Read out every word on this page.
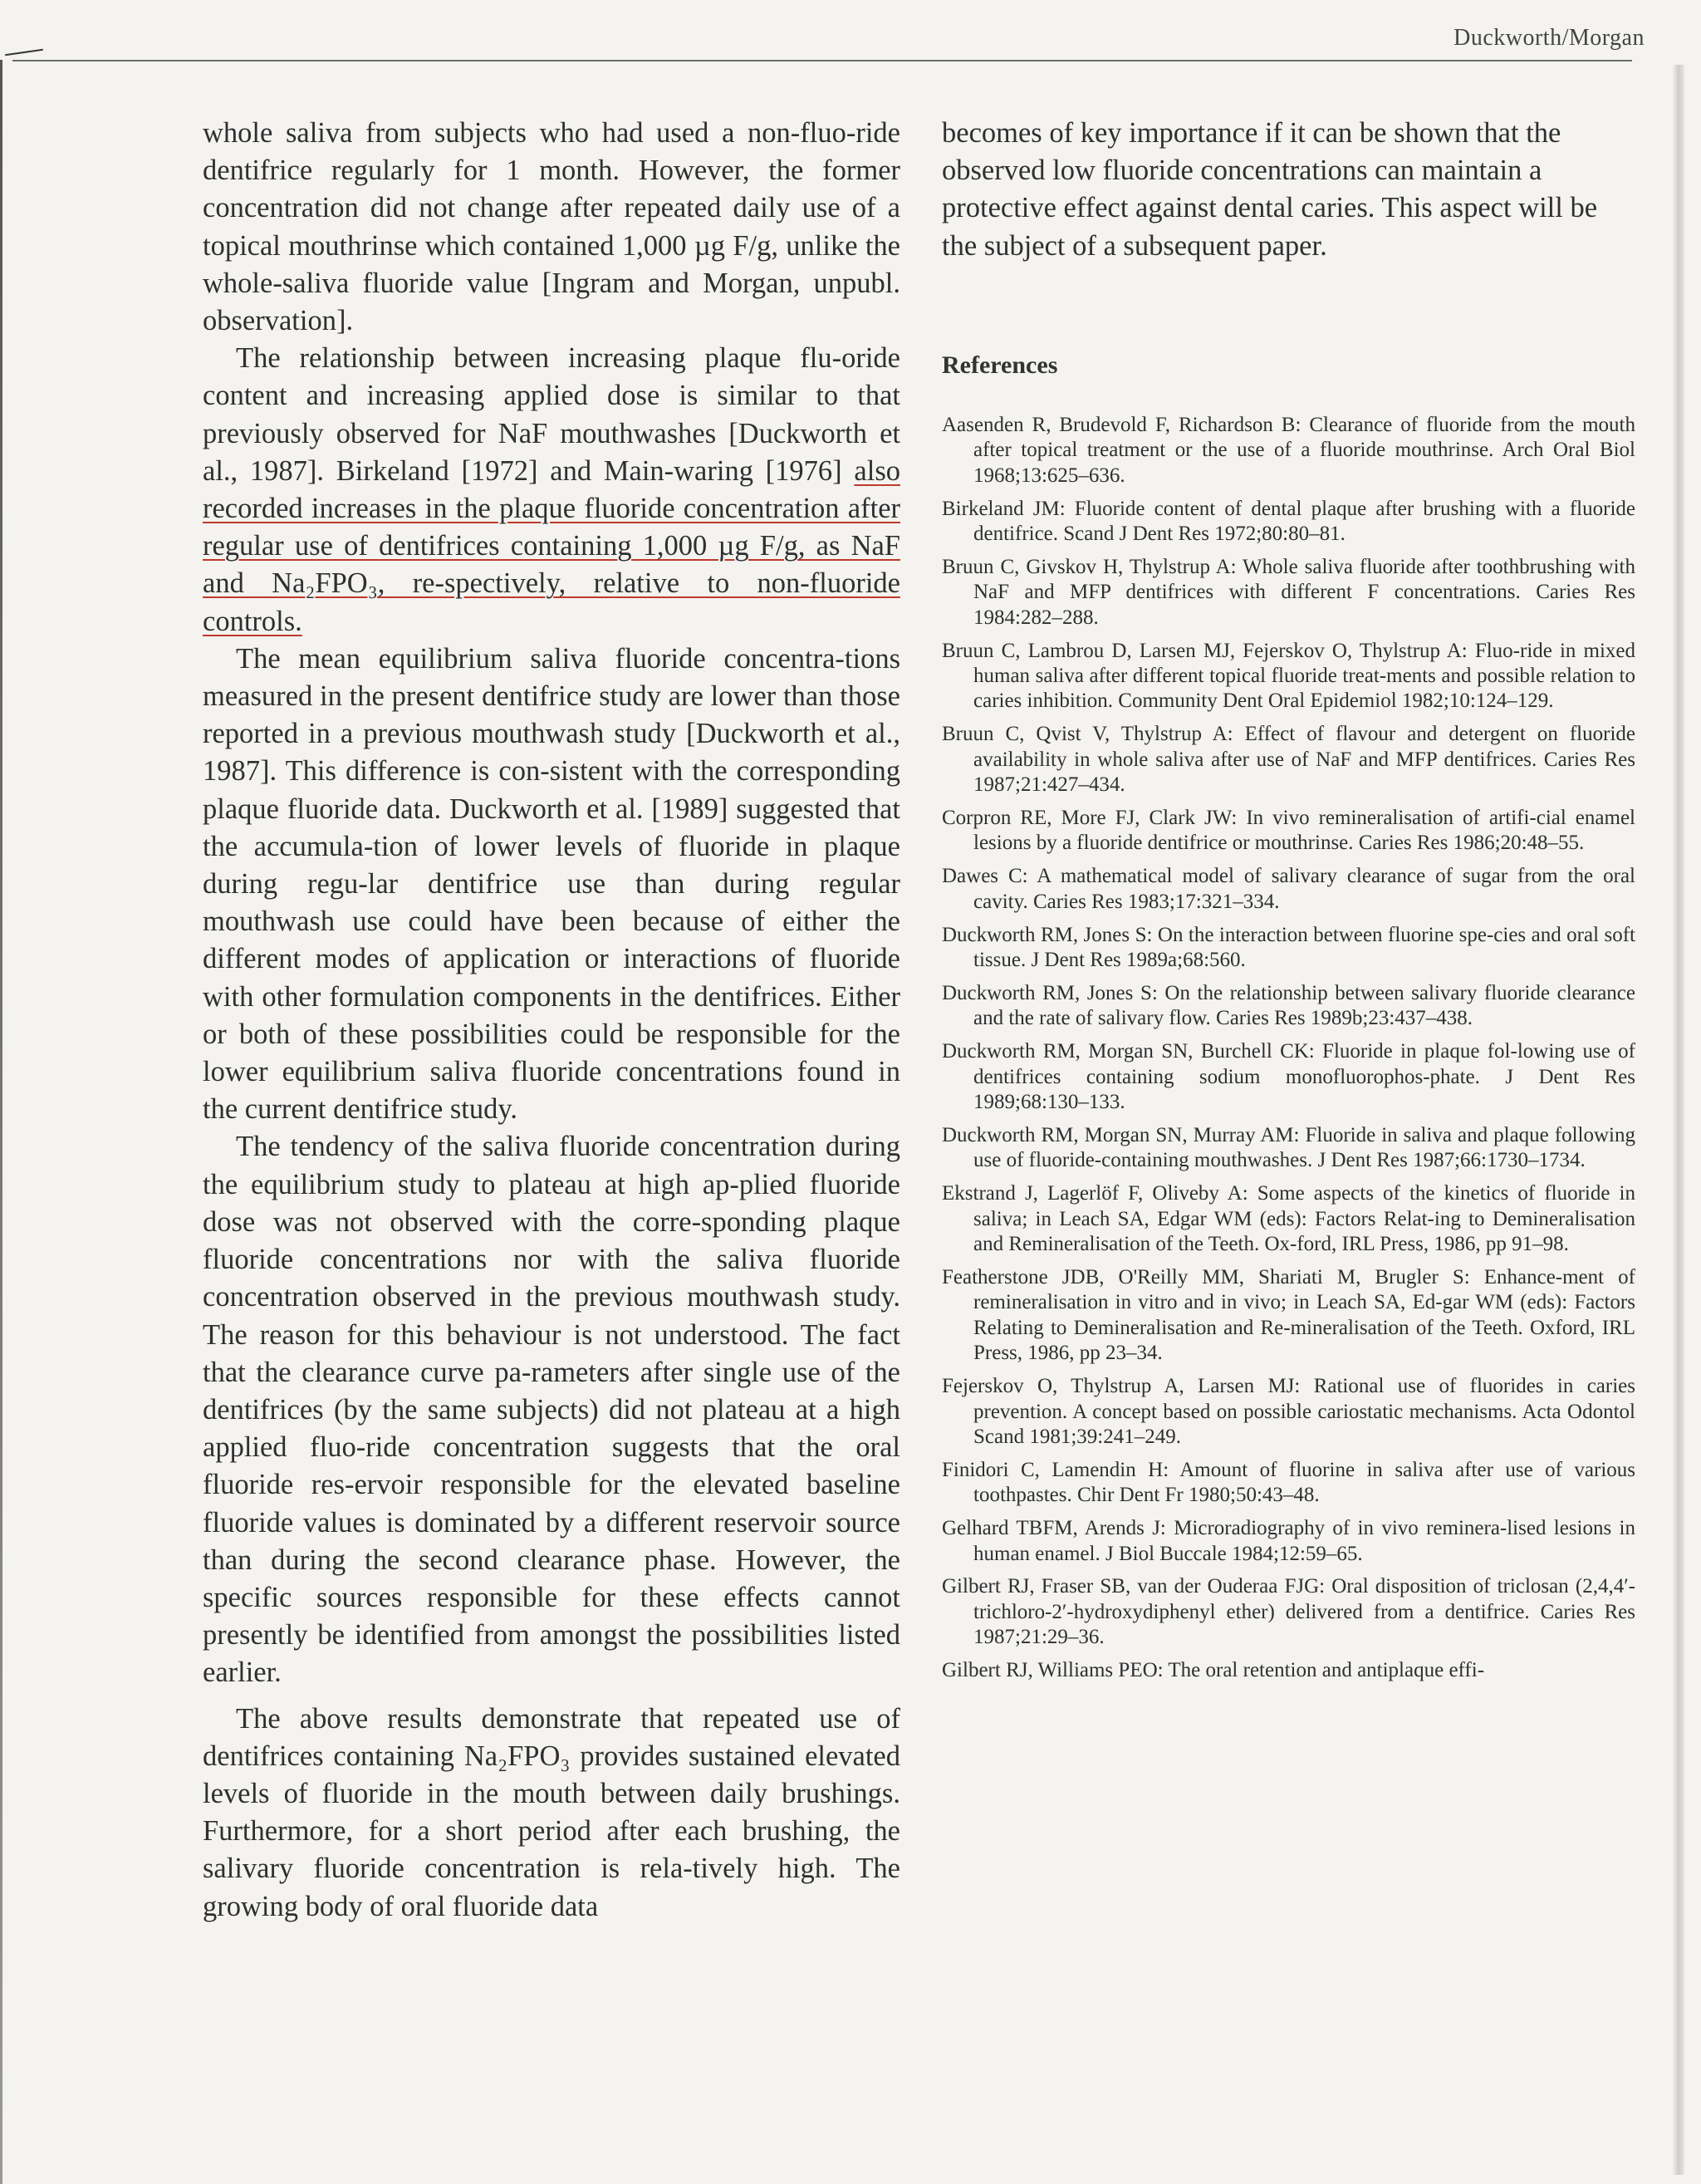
Duckworth/Morgan

whole saliva from subjects who had used a non-fluo-ride dentifrice regularly for 1 month. However, the former concentration did not change after repeated daily use of a topical mouthrinse which contained 1,000 µg F/g, unlike the whole-saliva fluoride value [Ingram and Morgan, unpubl. observation].

The relationship between increasing plaque flu-oride content and increasing applied dose is similar to that previously observed for NaF mouthwashes [Duckworth et al., 1987]. Birkeland [1972] and Main-waring [1976] also recorded increases in the plaque fluoride concentration after regular use of dentifrices containing 1,000 µg F/g, as NaF and Na₂FPO₃, re-spectively, relative to non-fluoride controls.

The mean equilibrium saliva fluoride concentra-tions measured in the present dentifrice study are lower than those reported in a previous mouthwash study [Duckworth et al., 1987]. This difference is con-sistent with the corresponding plaque fluoride data. Duckworth et al. [1989] suggested that the accumula-tion of lower levels of fluoride in plaque during regu-lar dentifrice use than during regular mouthwash use could have been because of either the different modes of application or interactions of fluoride with other formulation components in the dentifrices. Either or both of these possibilities could be responsible for the lower equilibrium saliva fluoride concentrations found in the current dentifrice study.

The tendency of the saliva fluoride concentration during the equilibrium study to plateau at high ap-plied fluoride dose was not observed with the corre-sponding plaque fluoride concentrations nor with the saliva fluoride concentration observed in the previous mouthwash study. The reason for this behaviour is not understood. The fact that the clearance curve pa-rameters after single use of the dentifrices (by the same subjects) did not plateau at a high applied fluo-ride concentration suggests that the oral fluoride res-ervoir responsible for the elevated baseline fluoride values is dominated by a different reservoir source than during the second clearance phase. However, the specific sources responsible for these effects cannot presently be identified from amongst the possibilities listed earlier.

The above results demonstrate that repeated use of dentifrices containing Na₂FPO₃ provides sustained elevated levels of fluoride in the mouth between daily brushings. Furthermore, for a short period after each brushing, the salivary fluoride concentration is rela-tively high. The growing body of oral fluoride data

becomes of key importance if it can be shown that the observed low fluoride concentrations can maintain a protective effect against dental caries. This aspect will be the subject of a subsequent paper.

References
Aasenden R, Brudevold F, Richardson B: Clearance of fluoride from the mouth after topical treatment or the use of a fluoride mouthrinse. Arch Oral Biol 1968;13:625–636.
Birkeland JM: Fluoride content of dental plaque after brushing with a fluoride dentifrice. Scand J Dent Res 1972;80:80–81.
Bruun C, Givskov H, Thylstrup A: Whole saliva fluoride after toothbrushing with NaF and MFP dentifrices with different F concentrations. Caries Res 1984:282–288.
Bruun C, Lambrou D, Larsen MJ, Fejerskov O, Thylstrup A: Fluo-ride in mixed human saliva after different topical fluoride treat-ments and possible relation to caries inhibition. Community Dent Oral Epidemiol 1982;10:124–129.
Bruun C, Qvist V, Thylstrup A: Effect of flavour and detergent on fluoride availability in whole saliva after use of NaF and MFP dentifrices. Caries Res 1987;21:427–434.
Corpron RE, More FJ, Clark JW: In vivo remineralisation of artifi-cial enamel lesions by a fluoride dentifrice or mouthrinse. Caries Res 1986;20:48–55.
Dawes C: A mathematical model of salivary clearance of sugar from the oral cavity. Caries Res 1983;17:321–334.
Duckworth RM, Jones S: On the interaction between fluorine spe-cies and oral soft tissue. J Dent Res 1989a;68:560.
Duckworth RM, Jones S: On the relationship between salivary fluoride clearance and the rate of salivary flow. Caries Res 1989b;23:437–438.
Duckworth RM, Morgan SN, Burchell CK: Fluoride in plaque fol-lowing use of dentifrices containing sodium monofluorophos-phate. J Dent Res 1989;68:130–133.
Duckworth RM, Morgan SN, Murray AM: Fluoride in saliva and plaque following use of fluoride-containing mouthwashes. J Dent Res 1987;66:1730–1734.
Ekstrand J, Lagerlöf F, Oliveby A: Some aspects of the kinetics of fluoride in saliva; in Leach SA, Edgar WM (eds): Factors Relat-ing to Demineralisation and Remineralisation of the Teeth. Ox-ford, IRL Press, 1986, pp 91–98.
Featherstone JDB, O'Reilly MM, Shariati M, Brugler S: Enhance-ment of remineralisation in vitro and in vivo; in Leach SA, Ed-gar WM (eds): Factors Relating to Demineralisation and Re-mineralisation of the Teeth. Oxford, IRL Press, 1986, pp 23–34.
Fejerskov O, Thylstrup A, Larsen MJ: Rational use of fluorides in caries prevention. A concept based on possible cariostatic mechanisms. Acta Odontol Scand 1981;39:241–249.
Finidori C, Lamendin H: Amount of fluorine in saliva after use of various toothpastes. Chir Dent Fr 1980;50:43–48.
Gelhard TBFM, Arends J: Microradiography of in vivo reminera-lised lesions in human enamel. J Biol Buccale 1984;12:59–65.
Gilbert RJ, Fraser SB, van der Ouderaa FJG: Oral disposition of triclosan (2,4,4′-trichloro-2′-hydroxydiphenyl ether) delivered from a dentifrice. Caries Res 1987;21:29–36.
Gilbert RJ, Williams PEO: The oral retention and antiplaque effi-
